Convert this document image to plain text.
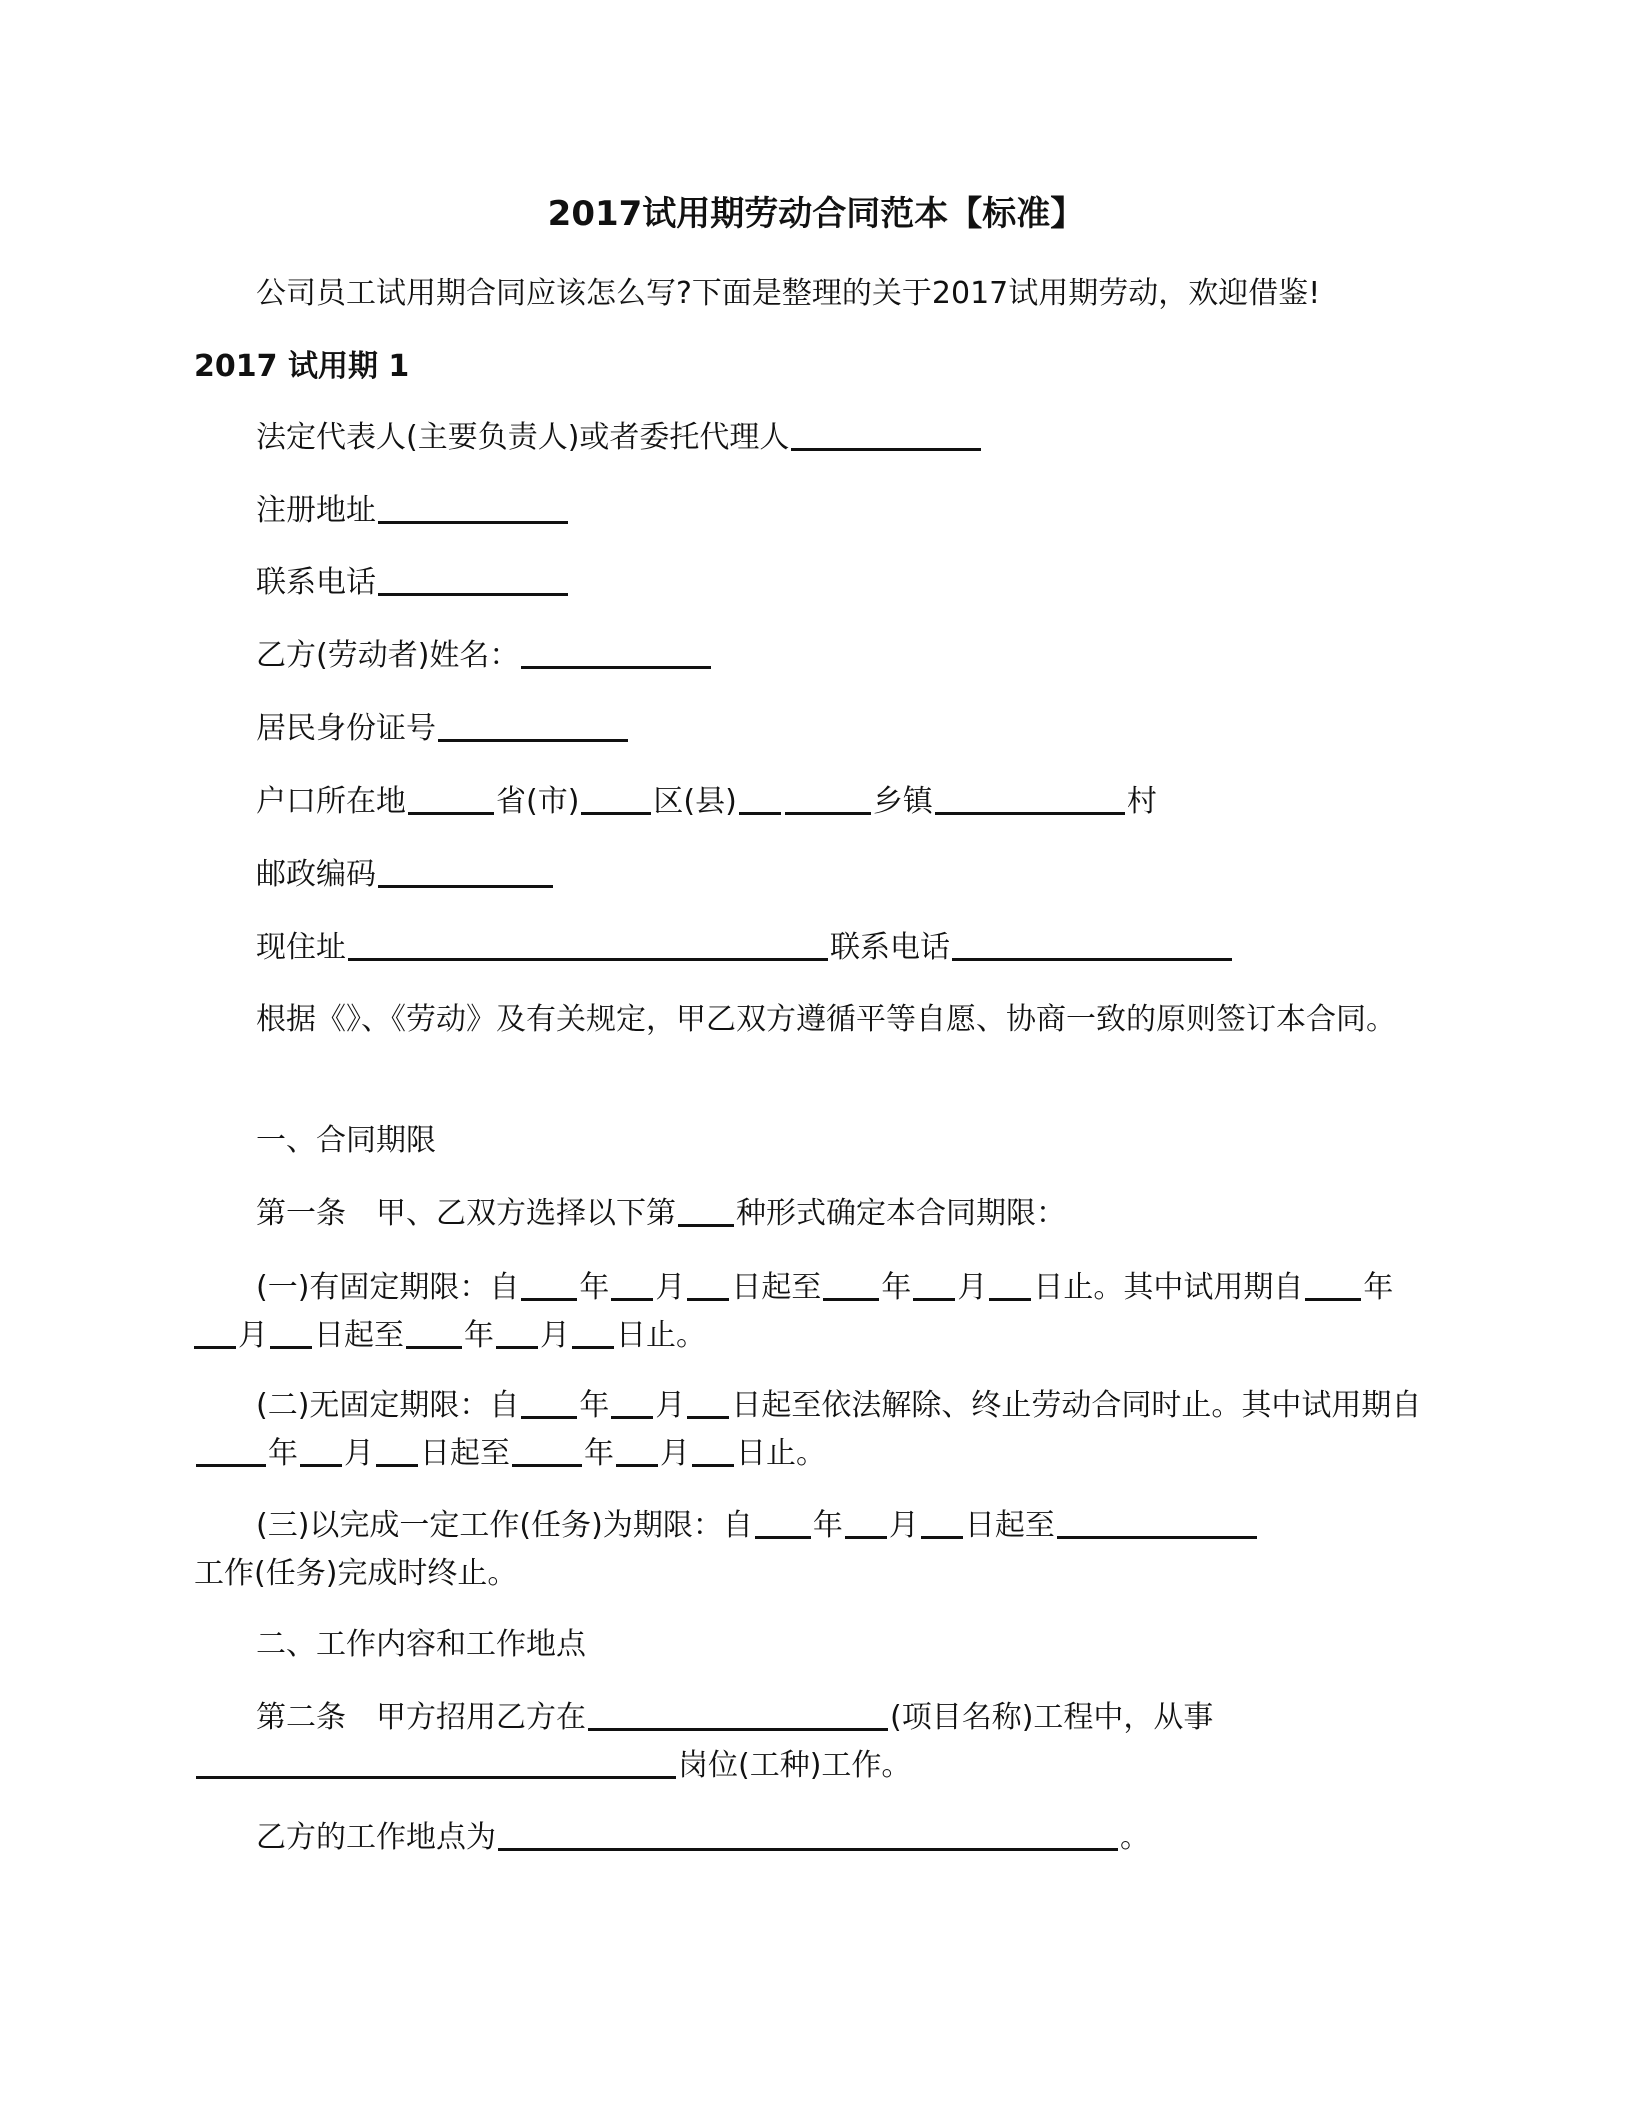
2017试用期劳动合同范本【标准】
公司员工试用期合同应该怎么写?下面是整理的关于2017试用期劳动，欢迎借鉴!
2017 试用期 1
法定代表人(主要负责人)或者委托代理人
注册地址
联系电话
乙方(劳动者)姓名：
居民身份证号
户口所在地	省(市) 区(县)	乡镇	村
邮政编码
现住址	联系电话
根据《》、《劳动》及有关规定，甲乙双方遵循平等自愿、协商一致的原则签订本合同。
一、合同期限
第一条　甲、乙双方选择以下第 种形式确定本合同期限：
(一)有固定期限：自 年 月 日起至 年 月 日止。其中试用期自 年
月 日起至 年 月 日止。
(二)无固定期限：自 年 月 日起至依法解除、终止劳动合同时止。其中试用期自
年 月 日起至 年 月 日止。
(三)以完成一定工作(任务)为期限：自 年 月 日起至
工作(任务)完成时终止。
二、工作内容和工作地点
第二条　甲方招用乙方在	(项目名称)工程中，从事
岗位(工种)工作。
乙方的工作地点为	。
